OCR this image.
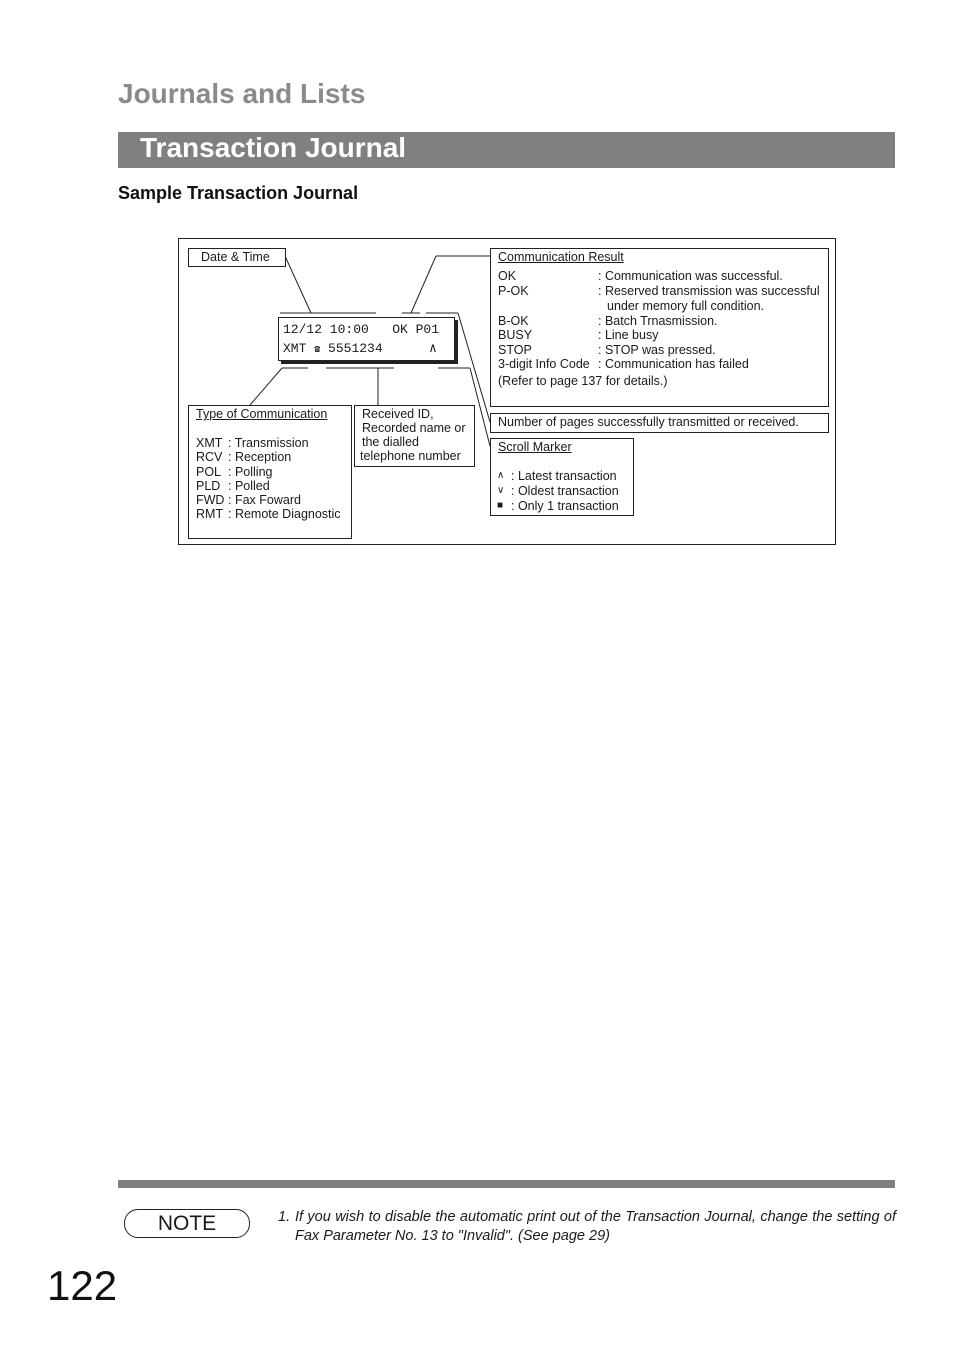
Journals and Lists
Transaction Journal
Sample Transaction Journal
Date & Time
12/12 10:00   OK P01
XMT ☎ 5551234	∧
Communication Result
OK	: Communication was successful.
P-OK	: Reserved transmission was successful
under memory full condition.
B-OK	: Batch Trnasmission.
BUSY	: Line busy
STOP	: STOP was pressed.
3-digit Info Code : Communication has failed
(Refer to page 137 for details.)
Number of pages successfully transmitted or received.
Scroll Marker
∧ : Latest transaction
∨ : Oldest transaction
■ : Only 1 transaction
Type of Communication
XMT : Transmission
RCV : Reception
POL : Polling
PLD : Polled
FWD : Fax Foward
RMT : Remote Diagnostic
Received ID,
Recorded name or
the dialled
telephone number
NOTE	1. If you wish to disable the automatic print out of the Transaction Journal, change the setting of Fax Parameter No. 13 to "Invalid". (See page 29)
122
